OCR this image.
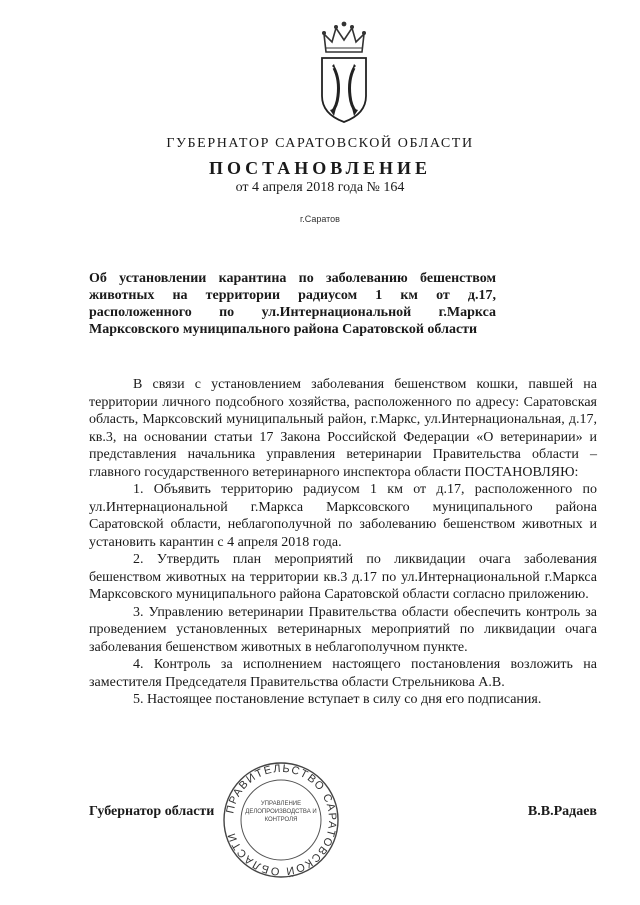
ГУБЕРНАТОР САРАТОВСКОЙ ОБЛАСТИ
ПОСТАНОВЛЕНИЕ
от 4 апреля 2018 года № 164
г.Саратов

Об установлении карантина по заболеванию бешенством
животных на территории радиусом 1 км от д.17,
расположенного по ул.Интернациональной г.Маркса
Марксовского муниципального района Саратовской области

В связи с установлением заболевания бешенством кошки, павшей на территории личного подсобного хозяйства, расположенного по адресу: Саратовская область, Марксовский муниципальный район, г.Маркс, ул.Интернациональная, д.17, кв.3, на основании статьи 17 Закона Российской Федерации «О ветеринарии» и представления начальника управления ветеринарии Правительства области – главного государственного ветеринарного инспектора области ПОСТАНОВЛЯЮ:

1. Объявить территорию радиусом 1 км от д.17, расположенного по ул.Интернациональной г.Маркса Марксовского муниципального района Саратовской области, неблагополучной по заболеванию бешенством животных и установить карантин с 4 апреля 2018 года.

2. Утвердить план мероприятий по ликвидации очага заболевания бешенством животных на территории кв.3 д.17 по ул.Интернациональной г.Маркса Марксовского муниципального района Саратовской области согласно приложению.

3. Управлению ветеринарии Правительства области обеспечить контроль за проведением установленных ветеринарных мероприятий по ликвидации очага заболевания бешенством животных в неблагополучном пункте.

4. Контроль за исполнением настоящего постановления возложить на заместителя Председателя Правительства области Стрельникова А.В.

5. Настоящее постановление вступает в силу со дня его подписания.

ПРАВИТЕЛЬСТВО САРАТОВСКОЙ ОБЛАСТИ
УПРАВЛЕНИЕ ДЕЛОПРОИЗВОДСТВА И КОНТРОЛЯ
Губернатор области	В.В.Радаев
